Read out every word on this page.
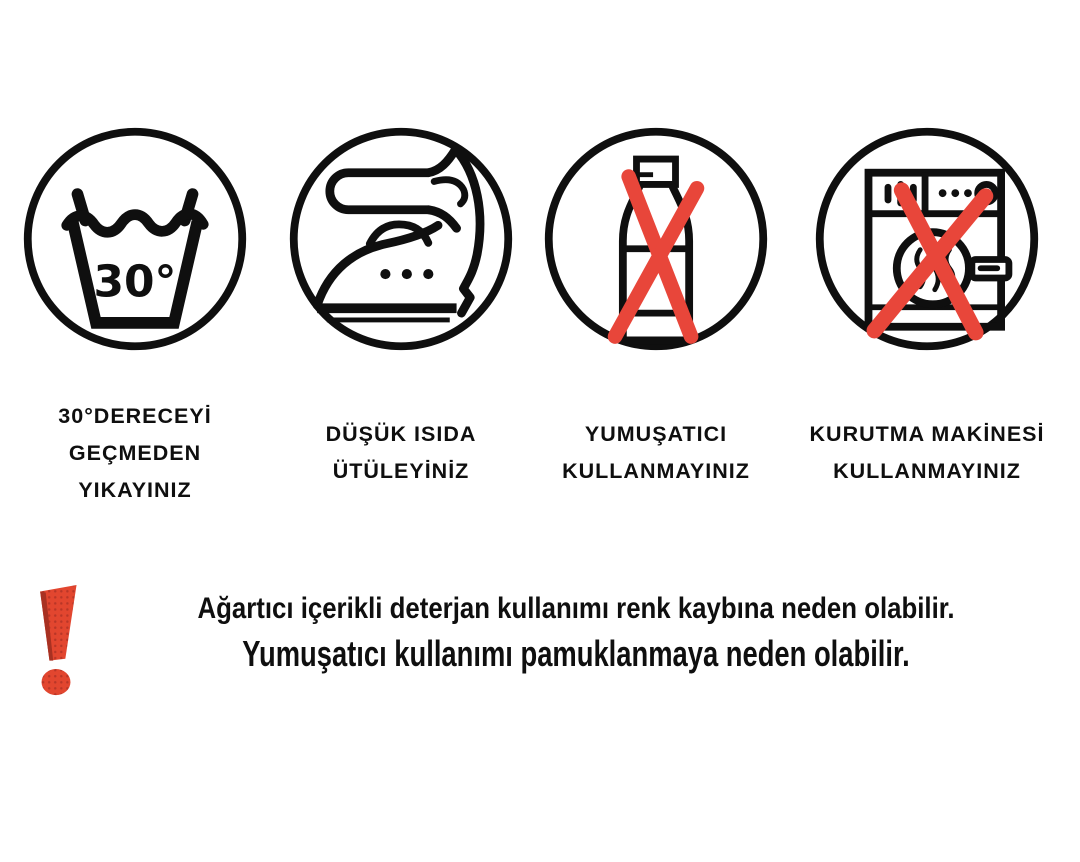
30°
30°DERECEYİ
GEÇMEDEN
YIKAYINIZ
DÜŞÜK ISIDA
ÜTÜLEYİNİZ
YUMUŞATICI
KULLANMAYINIZ
KURUTMA MAKİNESİ
KULLANMAYINIZ
Ağartıcı içerikli deterjan kullanımı renk kaybına neden olabilir.
Yumuşatıcı kullanımı pamuklanmaya neden olabilir.
